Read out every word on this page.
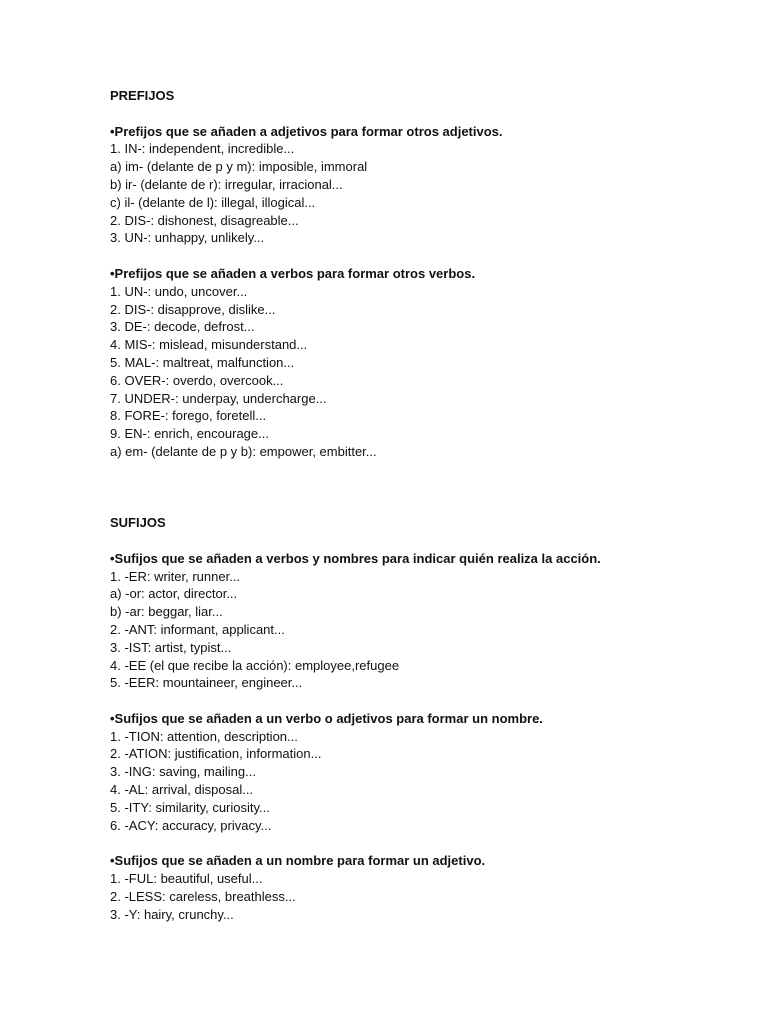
PREFIJOS

•Prefijos que se añaden a adjetivos para formar otros adjetivos.

1. IN-: independent, incredible...

a) im- (delante de p y m): imposible, immoral

b) ir- (delante de r): irregular, irracional...

c) il- (delante de l): illegal, illogical...

2. DIS-: dishonest, disagreable...

3. UN-: unhappy, unlikely...

•Prefijos que se añaden a verbos para formar otros verbos.

1. UN-: undo, uncover...

2. DIS-: disapprove, dislike...

3. DE-: decode, defrost...

4. MIS-: mislead, misunderstand...

5. MAL-: maltreat, malfunction...

6. OVER-: overdo, overcook...

7. UNDER-: underpay, undercharge...

8. FORE-: forego, foretell...

9. EN-: enrich, encourage...

a) em- (delante de p y b): empower, embitter...

SUFIJOS

•Sufijos que se añaden a verbos y nombres para indicar quién realiza la acción.

1. -ER: writer, runner...

a) -or: actor, director...

b) -ar: beggar, liar...

2. -ANT: informant, applicant...

3. -IST: artist, typist...

4. -EE (el que recibe la acción): employee,refugee

5. -EER: mountaineer, engineer...

•Sufijos que se añaden a un verbo o adjetivos para formar un nombre.

1. -TION: attention, description...

2. -ATION: justification, information...

3. -ING: saving, mailing...

4. -AL: arrival, disposal...

5. -ITY: similarity, curiosity...

6. -ACY: accuracy, privacy...

•Sufijos que se añaden a un nombre para formar un adjetivo.

1. -FUL: beautiful, useful...

2. -LESS: careless, breathless...

3. -Y: hairy, crunchy...
